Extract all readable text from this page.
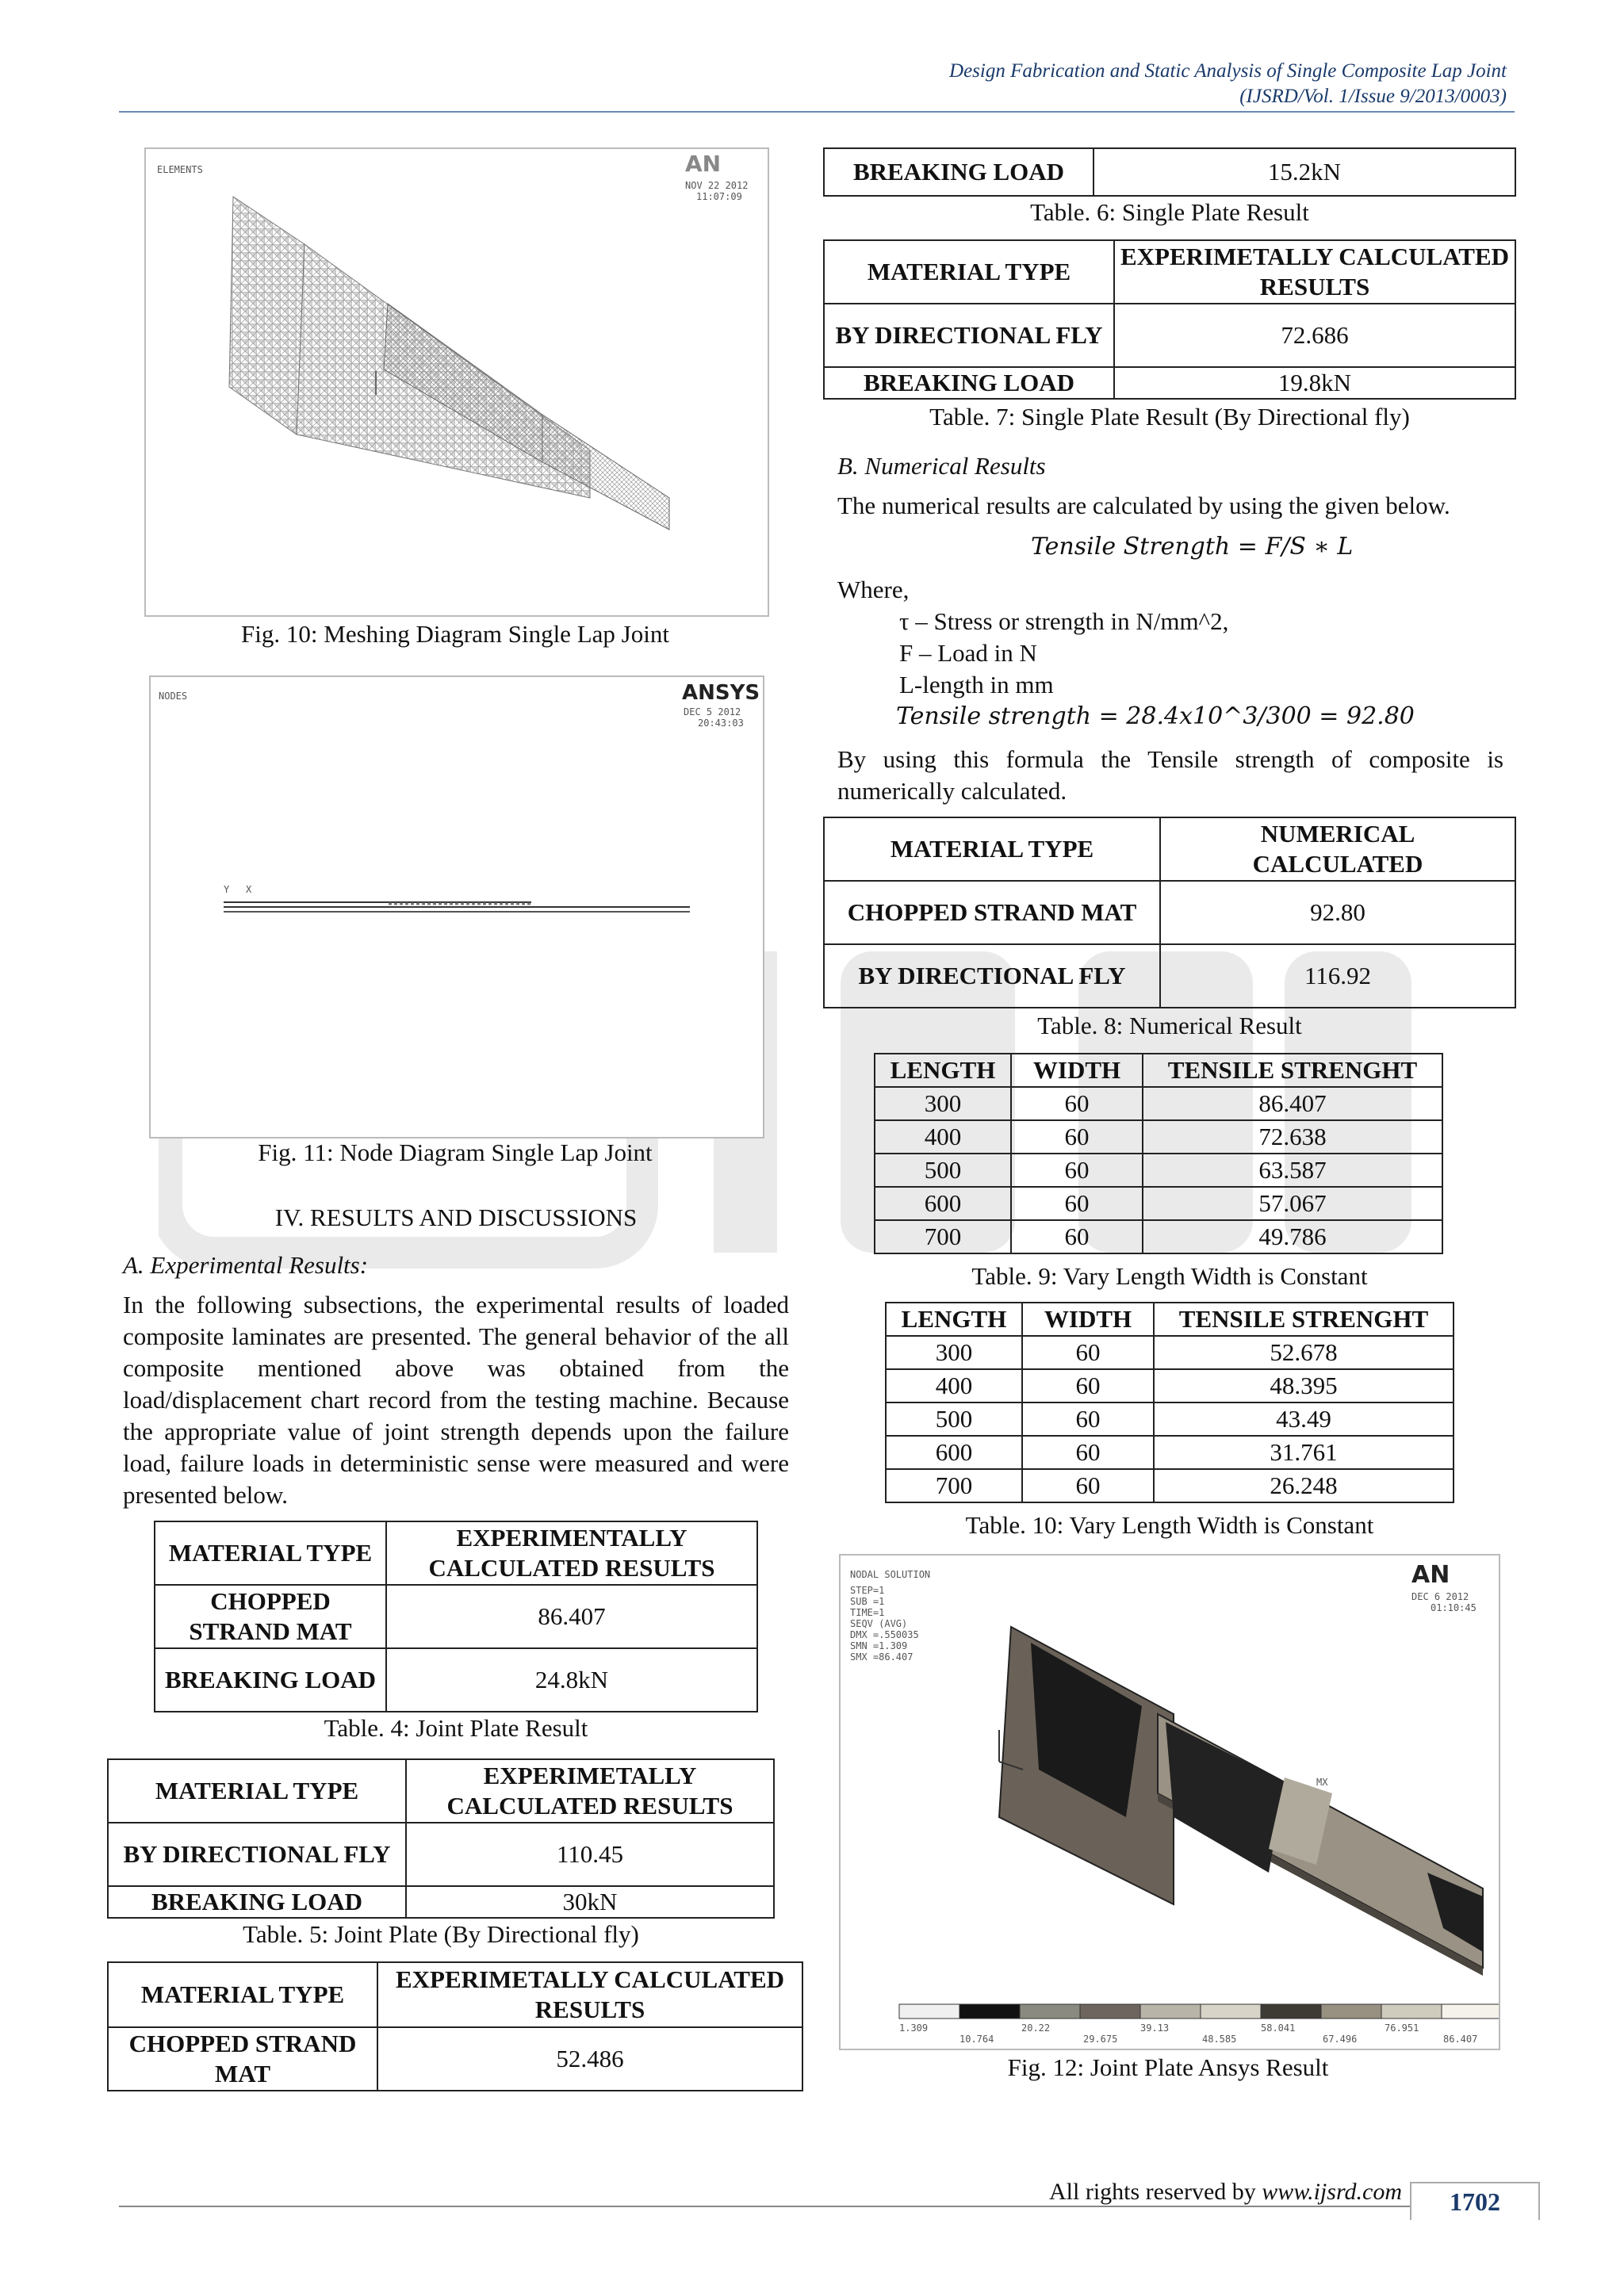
Design Fabrication and Static Analysis of Single Composite Lap Joint
(IJSRD/Vol. 1/Issue 9/2013/0003)
ELEMENTS	AN
NOV 22 2012
11:07:09
Fig. 10: Meshing Diagram Single Lap Joint
NODES	ANSYS
DEC 5 2012
20:43:03
Y X
Fig. 11: Node Diagram Single Lap Joint
IV. RESULTS AND DISCUSSIONS
A. Experimental Results:
In the following subsections, the experimental results of loaded composite laminates are presented. The general behavior of the all composite mentioned above was obtained from the load/displacement chart record from the testing machine. Because the appropriate value of joint strength depends upon the failure load, failure loads in deterministic sense were measured and were presented below.
MATERIAL TYPE	EXPERIMENTALLY CALCULATED RESULTS
CHOPPED STRAND MAT	86.407
BREAKING LOAD	24.8kN
Table. 4: Joint Plate Result
MATERIAL TYPE	EXPERIMETALLY CALCULATED RESULTS
BY DIRECTIONAL FLY	110.45
BREAKING LOAD	30kN
Table. 5: Joint Plate (By Directional fly)
MATERIAL TYPE	EXPERIMETALLY CALCULATED RESULTS
CHOPPED STRAND MAT	52.486
BREAKING LOAD	15.2kN
Table. 6: Single Plate Result
MATERIAL TYPE	EXPERIMETALLY CALCULATED RESULTS
BY DIRECTIONAL FLY	72.686
BREAKING LOAD	19.8kN
Table. 7: Single Plate Result (By Directional fly)
B. Numerical Results
The numerical results are calculated by using the given below.
Tensile Strength = F/S ∗ L
Where,
τ – Stress or strength in N/mm^2,
F – Load in N
L-length in mm
Tensile strength = 28.4x10^3/300 = 92.80
By using this formula the Tensile strength of composite is numerically calculated.
MATERIAL TYPE	NUMERICAL
CALCULATED

CHOPPED STRAND MAT	92.80
BY DIRECTIONAL FLY	116.92
Table. 8: Numerical Result
LENGTH	WIDTH	TENSILE STRENGHT
300	60	86.407
400	60	72.638
500	60	63.587
600	60	57.067
700	60	49.786
Table. 9: Vary Length Width is Constant
LENGTH	WIDTH	TENSILE STRENGHT
300	60	52.678
400	60	48.395
500	60	43.49
600	60	31.761
700	60	26.248
Table. 10: Vary Length Width is Constant
NODAL SOLUTION
STEP=1
SUB =1
TIME=1
SEQV (AVG)
DMX =.550035
SMN =1.309
SMX =86.407
AN
DEC 6 2012
01:10:45
MX
1.309	20.22	39.13	58.041	76.951
10.764	29.675	48.585	67.496	86.407
Fig. 12: Joint Plate Ansys Result
All rights reserved by www.ijsrd.com	1702
